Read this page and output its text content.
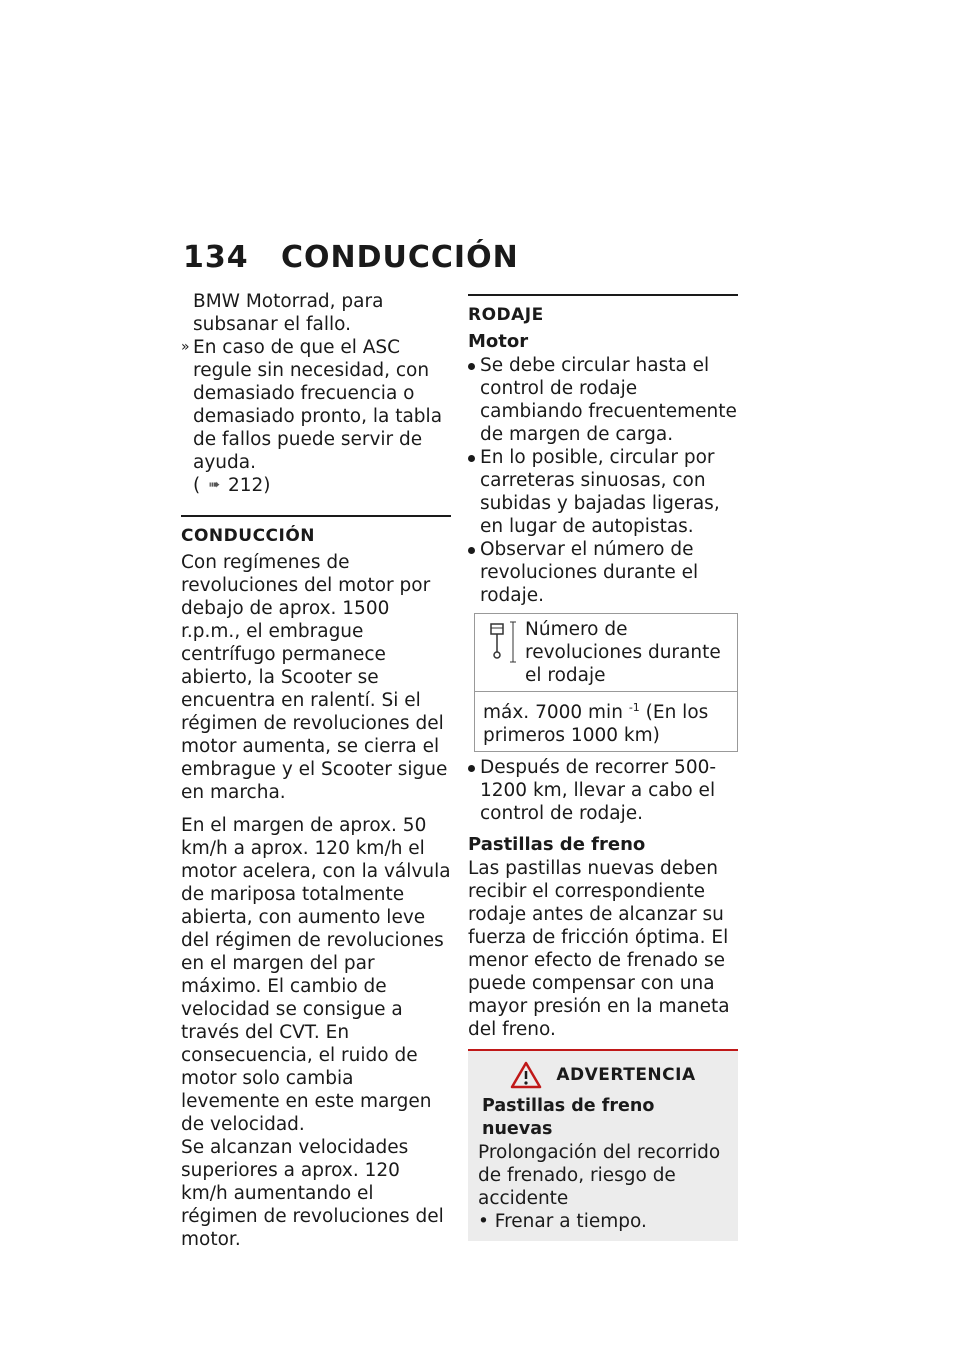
134	CONDUCCIÓN

BMW Motorrad, para subsanar el fallo.

» En caso de que el ASC regule sin necesidad, con demasiado frecuencia o demasiado pronto, la tabla de fallos puede servir de ayuda.
( ➠ 212)
CONDUCCIÓN

Con regímenes de revoluciones del motor por debajo de aprox. 1500 r.p.m., el embrague centrífugo permanece abierto, la Scooter se encuentra en ralentí. Si el régimen de revoluciones del motor aumenta, se cierra el embrague y el Scooter sigue en marcha.

En el margen de aprox. 50 km/h a aprox. 120 km/h el motor acelera, con la válvula de mariposa totalmente abierta, con aumento leve del régimen de revoluciones en el margen del par máximo. El cambio de velocidad se consigue a través del CVT. En consecuencia, el ruido de motor solo cambia levemente en este margen de velocidad.

Se alcanzan velocidades superiores a aprox. 120 km/h aumentando el régimen de revoluciones del motor.

RODAJE
Motor
Se debe circular hasta el control de rodaje cambiando frecuentemente de margen de carga.
En lo posible, circular por carreteras sinuosas, con subidas y bajadas ligeras, en lugar de autopistas.
Observar el número de revoluciones durante el rodaje.
Número de revoluciones durante el rodaje
máx. 7000 min $^{-1}$ (En los primeros 1000 km)
Después de recorrer 500-1200 km, llevar a cabo el control de rodaje.
Pastillas de freno

Las pastillas nuevas deben recibir el correspondiente rodaje antes de alcanzar su fuerza de fricción óptima. El menor efecto de frenado se puede compensar con una mayor presión en la maneta del freno.

ADVERTENCIA
Pastillas de freno nuevas

Prolongación del recorrido de frenado, riesgo de accidente

• Frenar a tiempo.
